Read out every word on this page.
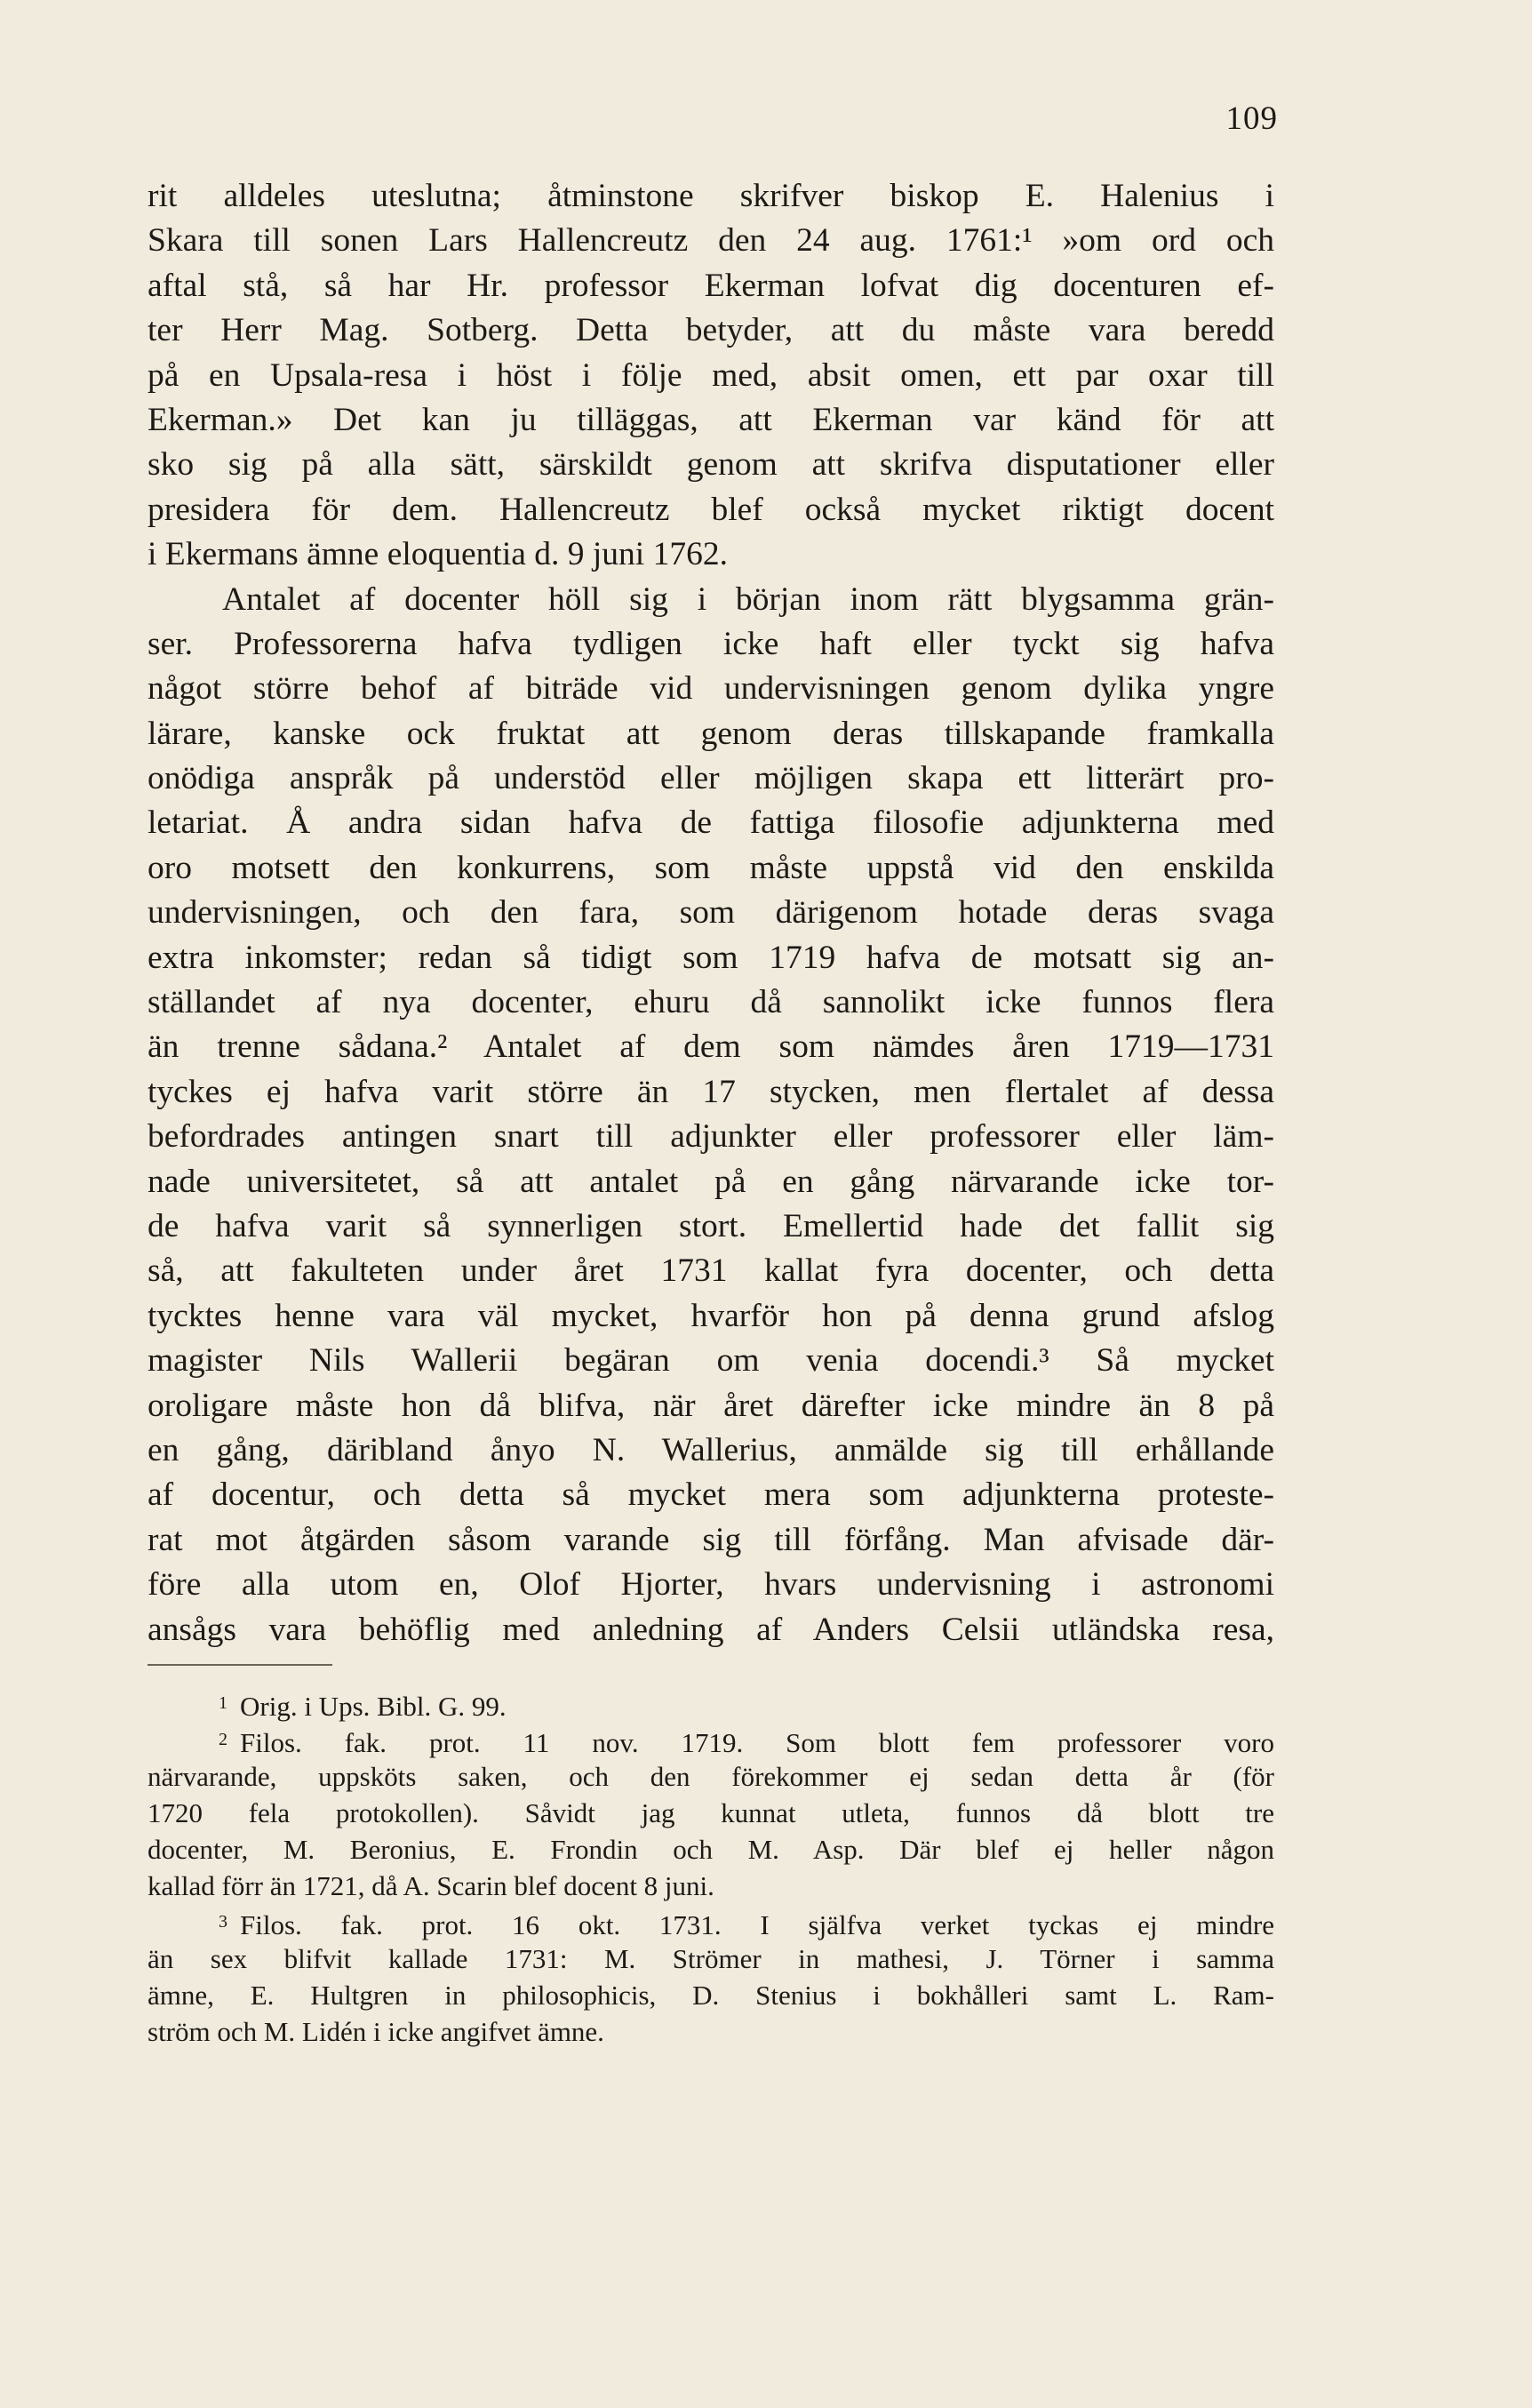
109
rit alldeles uteslutna; åtminstone skrifver biskop E. Halenius i
Skara till sonen Lars Hallencreutz den 24 aug. 1761:¹ »om ord och
aftal stå, så har Hr. professor Ekerman lofvat dig docenturen ef-
ter Herr Mag. Sotberg. Detta betyder, att du måste vara beredd
på en Upsala-resa i höst i följe med, absit omen, ett par oxar till
Ekerman.» Det kan ju tilläggas, att Ekerman var känd för att
sko sig på alla sätt, särskildt genom att skrifva disputationer eller
presidera för dem. Hallencreutz blef också mycket riktigt docent
i Ekermans ämne eloquentia d. 9 juni 1762.
Antalet af docenter höll sig i början inom rätt blygsamma grän-
ser. Professorerna hafva tydligen icke haft eller tyckt sig hafva
något större behof af biträde vid undervisningen genom dylika yngre
lärare, kanske ock fruktat att genom deras tillskapande framkalla
onödiga anspråk på understöd eller möjligen skapa ett litterärt pro-
letariat. Å andra sidan hafva de fattiga filosofie adjunkterna med
oro motsett den konkurrens, som måste uppstå vid den enskilda
undervisningen, och den fara, som därigenom hotade deras svaga
extra inkomster; redan så tidigt som 1719 hafva de motsatt sig an-
ställandet af nya docenter, ehuru då sannolikt icke funnos flera
än trenne sådana.² Antalet af dem som nämdes åren 1719—1731
tyckes ej hafva varit större än 17 stycken, men flertalet af dessa
befordrades antingen snart till adjunkter eller professorer eller läm-
nade universitetet, så att antalet på en gång närvarande icke tor-
de hafva varit så synnerligen stort. Emellertid hade det fallit sig
så, att fakulteten under året 1731 kallat fyra docenter, och detta
tycktes henne vara väl mycket, hvarför hon på denna grund afslog
magister Nils Wallerii begäran om venia docendi.³ Så mycket
oroligare måste hon då blifva, när året därefter icke mindre än 8 på
en gång, däribland ånyo N. Wallerius, anmälde sig till erhållande
af docentur, och detta så mycket mera som adjunkterna proteste-
rat mot åtgärden såsom varande sig till förfång. Man afvisade där-
före alla utom en, Olof Hjorter, hvars undervisning i astronomi
ansågs vara behöflig med anledning af Anders Celsii utländska resa,
$^1$ Orig. i Ups. Bibl. G. 99.
$^2$ Filos. fak. prot. 11 nov. 1719. Som blott fem professorer voro
närvarande, uppsköts saken, och den förekommer ej sedan detta år (för
1720 fela protokollen). Såvidt jag kunnat utleta, funnos då blott tre
docenter, M. Beronius, E. Frondin och M. Asp. Där blef ej heller någon
kallad förr än 1721, då A. Scarin blef docent 8 juni.
$^3$ Filos. fak. prot. 16 okt. 1731. I själfva verket tyckas ej mindre
än sex blifvit kallade 1731: M. Strömer in mathesi, J. Törner i samma
ämne, E. Hultgren in philosophicis, D. Stenius i bokhålleri samt L. Ram-
ström och M. Lidén i icke angifvet ämne.
